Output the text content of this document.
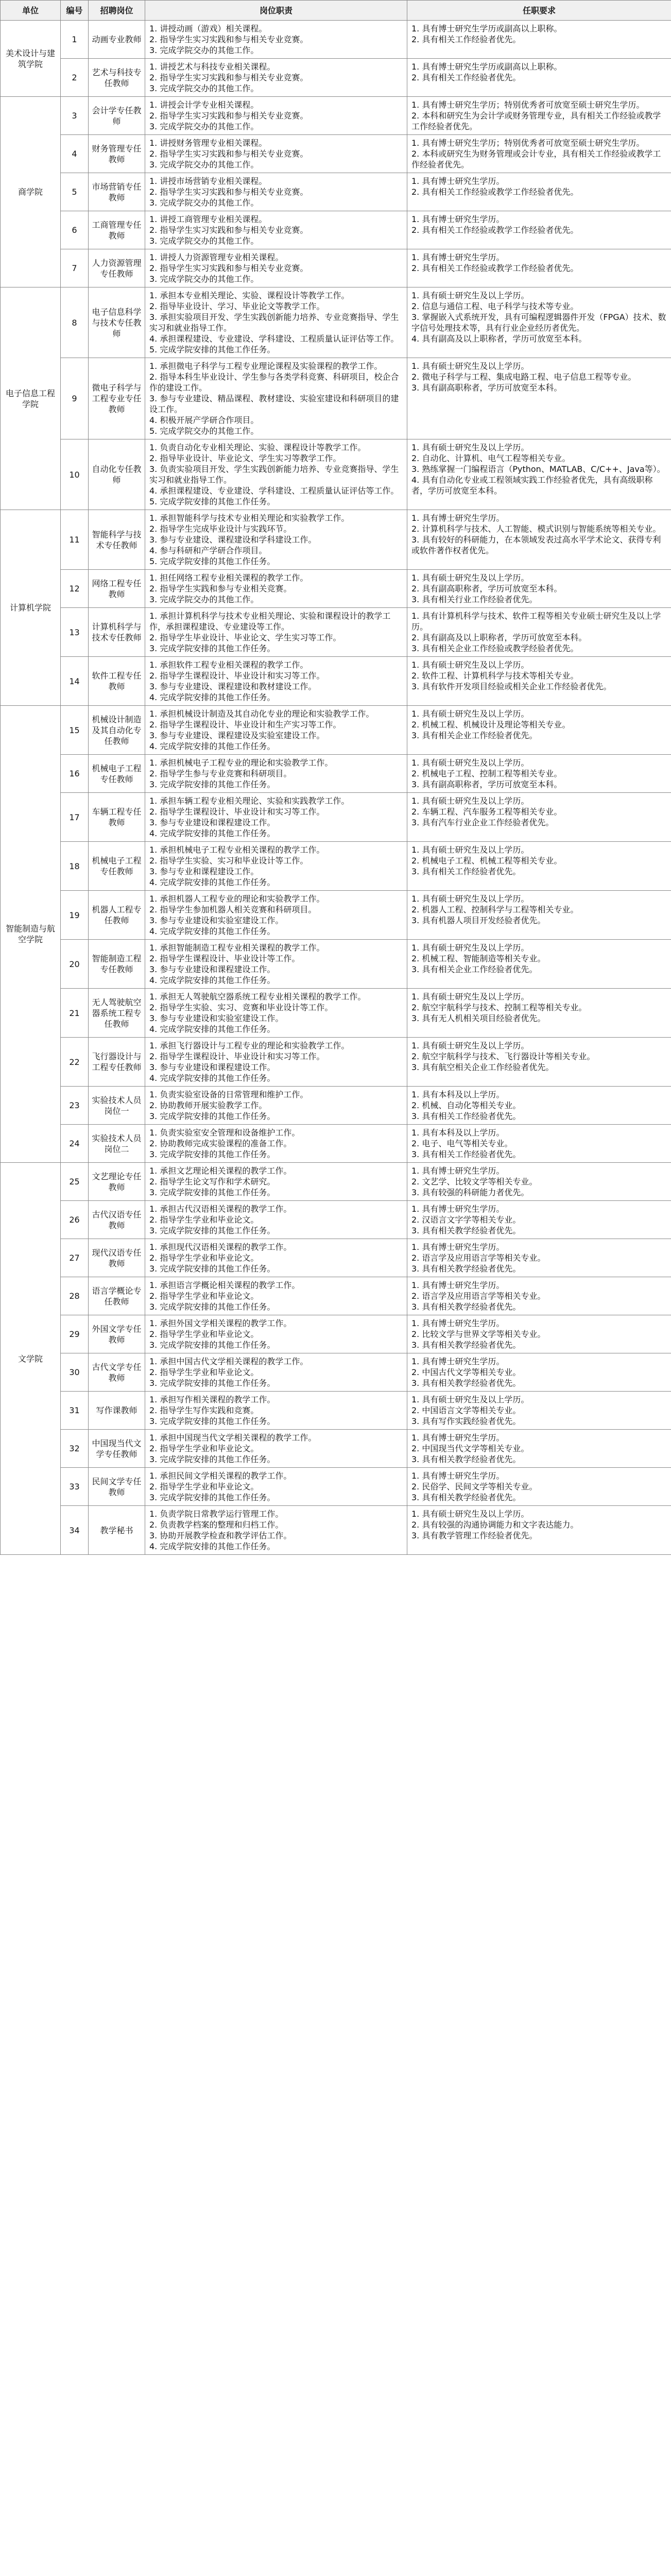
单位	编号	招聘岗位	岗位职责	任职要求
美术设计与建筑学院	1	动画专业教师	1. 讲授动画（游戏）相关课程。
2. 指导学生实习实践和参与相关专业竞赛。
3. 完成学院交办的其他工作。	1. 具有博士研究生学历或副高以上职称。
2. 具有相关工作经验者优先。

	2	艺术与科技专任教师	1. 讲授艺术与科技专业相关课程。
2. 指导学生实习实践和参与相关专业竞赛。
3. 完成学院交办的其他工作。	1. 具有博士研究生学历或副高以上职称。
2. 具有相关工作经验者优先。

商学院	3	会计学专任教师	1. 讲授会计学专业相关课程。
2. 指导学生实习实践和参与相关专业竞赛。
3. 完成学院交办的其他工作。	1. 具有博士研究生学历；特别优秀者可放宽至硕士研究生学历。
2. 本科和研究生为会计学或财务管理专业，具有相关工作经验或教学工作经验者优先。

	4	财务管理专任教师	1. 讲授财务管理专业相关课程。
2. 指导学生实习实践和参与相关专业竞赛。
3. 完成学院交办的其他工作。	1. 具有博士研究生学历；特别优秀者可放宽至硕士研究生学历。
2. 本科或研究生为财务管理或会计专业，具有相关工作经验或教学工作经验者优先。

	5	市场营销专任教师	1. 讲授市场营销专业相关课程。
2. 指导学生实习实践和参与相关专业竞赛。
3. 完成学院交办的其他工作。	1. 具有博士研究生学历。
2. 具有相关工作经验或教学工作经验者优先。

	6	工商管理专任教师	1. 讲授工商管理专业相关课程。
2. 指导学生实习实践和参与相关专业竞赛。
3. 完成学院交办的其他工作。	1. 具有博士研究生学历。
2. 具有相关工作经验或教学工作经验者优先。

	7	人力资源管理专任教师	1. 讲授人力资源管理专业相关课程。
2. 指导学生实习实践和参与相关专业竞赛。
3. 完成学院交办的其他工作。	1. 具有博士研究生学历。
2. 具有相关工作经验或教学工作经验者优先。

电子信息工程学院	8	电子信息科学与技术专任教师	1. 承担本专业相关理论、实验、课程设计等教学工作。
2. 指导毕业设计、学习、毕业论文等教学工作。
3. 承担实验项目开发、学生实践创新能力培养、专业竞赛指导、学生实习和就业指导工作。
4. 承担课程建设、专业建设、学科建设、工程质量认证评估等工作。
5. 完成学院安排的其他工作任务。	1. 具有硕士研究生及以上学历。
2. 信息与通信工程、电子科学与技术等专业。
3. 掌握嵌入式系统开发，具有可编程逻辑器件开发（FPGA）技术、数字信号处理技术等，具有行业企业经历者优先。
4. 具有副高及以上职称者，学历可放宽至本科。

	9	微电子科学与工程专业专任教师	1. 承担微电子科学与工程专业理论课程及实验课程的教学工作。
2. 指导本科生毕业设计、学生参与各类学科竞赛、科研项目，校企合作的建设工作。
3. 参与专业建设、精品课程、教材建设、实验室建设和科研项目的建设工作。
4. 积极开展产学研合作项目。
5. 完成学院交办的其他工作。	1. 具有硕士研究生及以上学历。
2. 微电子科学与工程、集成电路工程、电子信息工程等专业。
3. 具有副高职称者，学历可放宽至本科。

	10	自动化专任教师	1. 负责自动化专业相关理论、实验、课程设计等教学工作。
2. 指导毕业设计、毕业论文、学生实习等教学工作。
3. 负责实验项目开发、学生实践创新能力培养、专业竞赛指导、学生实习和就业指导工作。
4. 承担课程建设、专业建设、学科建设、工程质量认证评估等工作。
5. 完成学院安排的其他工作任务。	1. 具有硕士研究生及以上学历。
2. 自动化、计算机、电气工程等相关专业。
3. 熟练掌握一门编程语言（Python、MATLAB、C/C++、Java等）。
4. 具有自动化专业或工程领域实践工作经验者优先，具有高级职称者，学历可放宽至本科。

计算机学院	11	智能科学与技术专任教师	1. 承担智能科学与技术专业相关理论和实验教学工作。
2. 指导学生完成毕业设计与实践环节。
3. 参与专业建设、课程建设和学科建设工作。
4. 参与科研和产学研合作项目。
5. 完成学院安排的其他工作任务。	1. 具有博士研究生学历。
2. 计算机科学与技术、人工智能、模式识别与智能系统等相关专业。
3. 具有较好的科研能力，在本领域发表过高水平学术论文、获得专利或软件著作权者优先。

	12	网络工程专任教师	1. 担任网络工程专业相关课程的教学工作。
2. 指导学生实践和参与专业相关竞赛。
3. 完成学院交办的其他工作。	1. 具有硕士研究生及以上学历。
2. 具有副高职称者，学历可放宽至本科。
3. 具有相关行业工作经验者优先。

	13	计算机科学与技术专任教师	1. 承担计算机科学与技术专业相关理论、实验和课程设计的教学工作，承担课程建设、专业建设等工作。
2. 指导学生毕业设计、毕业论文、学生实习等工作。
3. 完成学院安排的其他工作任务。	1. 具有计算机科学与技术、软件工程等相关专业硕士研究生及以上学历。
2. 具有副高及以上职称者，学历可放宽至本科。
3. 具有相关企业工作经验或教学经验者优先。

	14	软件工程专任教师	1. 承担软件工程专业相关课程的教学工作。
2. 指导学生课程设计、毕业设计和实习等工作。
3. 参与专业建设、课程建设和教材建设工作。
4. 完成学院安排的其他工作任务。	1. 具有硕士研究生及以上学历。
2. 软件工程、计算机科学与技术等相关专业。
3. 具有软件开发项目经验或相关企业工作经验者优先。

智能制造与航空学院	15	机械设计制造及其自动化专任教师	1. 承担机械设计制造及其自动化专业的理论和实验教学工作。
2. 指导学生课程设计、毕业设计和生产实习等工作。
3. 参与专业建设、课程建设及实验室建设工作。
4. 完成学院安排的其他工作任务。	1. 具有硕士研究生及以上学历。
2. 机械工程、机械设计及理论等相关专业。
3. 具有相关企业工作经验者优先。

	16	机械电子工程专任教师	1. 承担机械电子工程专业的理论和实验教学工作。
2. 指导学生参与专业竞赛和科研项目。
3. 完成学院安排的其他工作任务。	1. 具有硕士研究生及以上学历。
2. 机械电子工程、控制工程等相关专业。
3. 具有副高职称者，学历可放宽至本科。

	17	车辆工程专任教师	1. 承担车辆工程专业相关理论、实验和实践教学工作。
2. 指导学生课程设计、毕业设计和实习等工作。
3. 参与专业建设和课程建设工作。
4. 完成学院安排的其他工作任务。	1. 具有硕士研究生及以上学历。
2. 车辆工程、汽车服务工程等相关专业。
3. 具有汽车行业企业工作经验者优先。

	18	机械电子工程专任教师	1. 承担机械电子工程专业相关课程的教学工作。
2. 指导学生实验、实习和毕业设计等工作。
3. 参与专业和课程建设工作。
4. 完成学院安排的其他工作任务。	1. 具有硕士研究生及以上学历。
2. 机械电子工程、机械工程等相关专业。
3. 具有相关工作经验者优先。

	19	机器人工程专任教师	1. 承担机器人工程专业的理论和实验教学工作。
2. 指导学生参加机器人相关竞赛和科研项目。
3. 参与专业建设和实验室建设工作。
4. 完成学院安排的其他工作任务。	1. 具有硕士研究生及以上学历。
2. 机器人工程、控制科学与工程等相关专业。
3. 具有机器人项目开发经验者优先。

	20	智能制造工程专任教师	1. 承担智能制造工程专业相关课程的教学工作。
2. 指导学生课程设计、毕业设计等工作。
3. 参与专业建设和课程建设工作。
4. 完成学院安排的其他工作任务。	1. 具有硕士研究生及以上学历。
2. 机械工程、智能制造等相关专业。
3. 具有相关企业工作经验者优先。

	21	无人驾驶航空器系统工程专任教师	1. 承担无人驾驶航空器系统工程专业相关课程的教学工作。
2. 指导学生实验、实习、竞赛和毕业设计等工作。
3. 参与专业建设和实验室建设工作。
4. 完成学院安排的其他工作任务。	1. 具有硕士研究生及以上学历。
2. 航空宇航科学与技术、控制工程等相关专业。
3. 具有无人机相关项目经验者优先。

	22	飞行器设计与工程专任教师	1. 承担飞行器设计与工程专业的理论和实验教学工作。
2. 指导学生课程设计、毕业设计和实习等工作。
3. 参与专业建设和课程建设工作。
4. 完成学院安排的其他工作任务。	1. 具有硕士研究生及以上学历。
2. 航空宇航科学与技术、飞行器设计等相关专业。
3. 具有航空相关企业工作经验者优先。

	23	实验技术人员岗位一	1. 负责实验室设备的日常管理和维护工作。
2. 协助教师开展实验教学工作。
3. 完成学院安排的其他工作任务。	1. 具有本科及以上学历。
2. 机械、自动化等相关专业。
3. 具有相关工作经验者优先。

	24	实验技术人员岗位二	1. 负责实验室安全管理和设备维护工作。
2. 协助教师完成实验课程的准备工作。
3. 完成学院安排的其他工作任务。	1. 具有本科及以上学历。
2. 电子、电气等相关专业。
3. 具有相关工作经验者优先。

文学院	25	文艺理论专任教师	1. 承担文艺理论相关课程的教学工作。
2. 指导学生论文写作和学术研究。
3. 完成学院安排的其他工作任务。	1. 具有博士研究生学历。
2. 文艺学、比较文学等相关专业。
3. 具有较强的科研能力者优先。

	26	古代汉语专任教师	1. 承担古代汉语相关课程的教学工作。
2. 指导学生学业和毕业论文。
3. 完成学院安排的其他工作任务。	1. 具有博士研究生学历。
2. 汉语言文字学等相关专业。
3. 具有相关教学经验者优先。

	27	现代汉语专任教师	1. 承担现代汉语相关课程的教学工作。
2. 指导学生学业和毕业论文。
3. 完成学院安排的其他工作任务。	1. 具有博士研究生学历。
2. 语言学及应用语言学等相关专业。
3. 具有相关教学经验者优先。

	28	语言学概论专任教师	1. 承担语言学概论相关课程的教学工作。
2. 指导学生学业和毕业论文。
3. 完成学院安排的其他工作任务。	1. 具有博士研究生学历。
2. 语言学及应用语言学等相关专业。
3. 具有相关教学经验者优先。

	29	外国文学专任教师	1. 承担外国文学相关课程的教学工作。
2. 指导学生学业和毕业论文。
3. 完成学院安排的其他工作任务。	1. 具有博士研究生学历。
2. 比较文学与世界文学等相关专业。
3. 具有相关教学经验者优先。

	30	古代文学专任教师	1. 承担中国古代文学相关课程的教学工作。
2. 指导学生学业和毕业论文。
3. 完成学院安排的其他工作任务。	1. 具有博士研究生学历。
2. 中国古代文学等相关专业。
3. 具有相关教学经验者优先。

	31	写作课教师	1. 承担写作相关课程的教学工作。
2. 指导学生写作实践和竞赛。
3. 完成学院安排的其他工作任务。	1. 具有硕士研究生及以上学历。
2. 中国语言文学等相关专业。
3. 具有写作实践经验者优先。

	32	中国现当代文学专任教师	1. 承担中国现当代文学相关课程的教学工作。
2. 指导学生学业和毕业论文。
3. 完成学院安排的其他工作任务。	1. 具有博士研究生学历。
2. 中国现当代文学等相关专业。
3. 具有相关教学经验者优先。

	33	民间文学专任教师	1. 承担民间文学相关课程的教学工作。
2. 指导学生学业和毕业论文。
3. 完成学院安排的其他工作任务。	1. 具有博士研究生学历。
2. 民俗学、民间文学等相关专业。
3. 具有相关教学经验者优先。

	34	教学秘书	1. 负责学院日常教学运行管理工作。
2. 负责教学档案的整理和归档工作。
3. 协助开展教学检查和教学评估工作。
4. 完成学院安排的其他工作任务。	1. 具有硕士研究生及以上学历。
2. 具有较强的沟通协调能力和文字表达能力。
3. 具有教学管理工作经验者优先。
